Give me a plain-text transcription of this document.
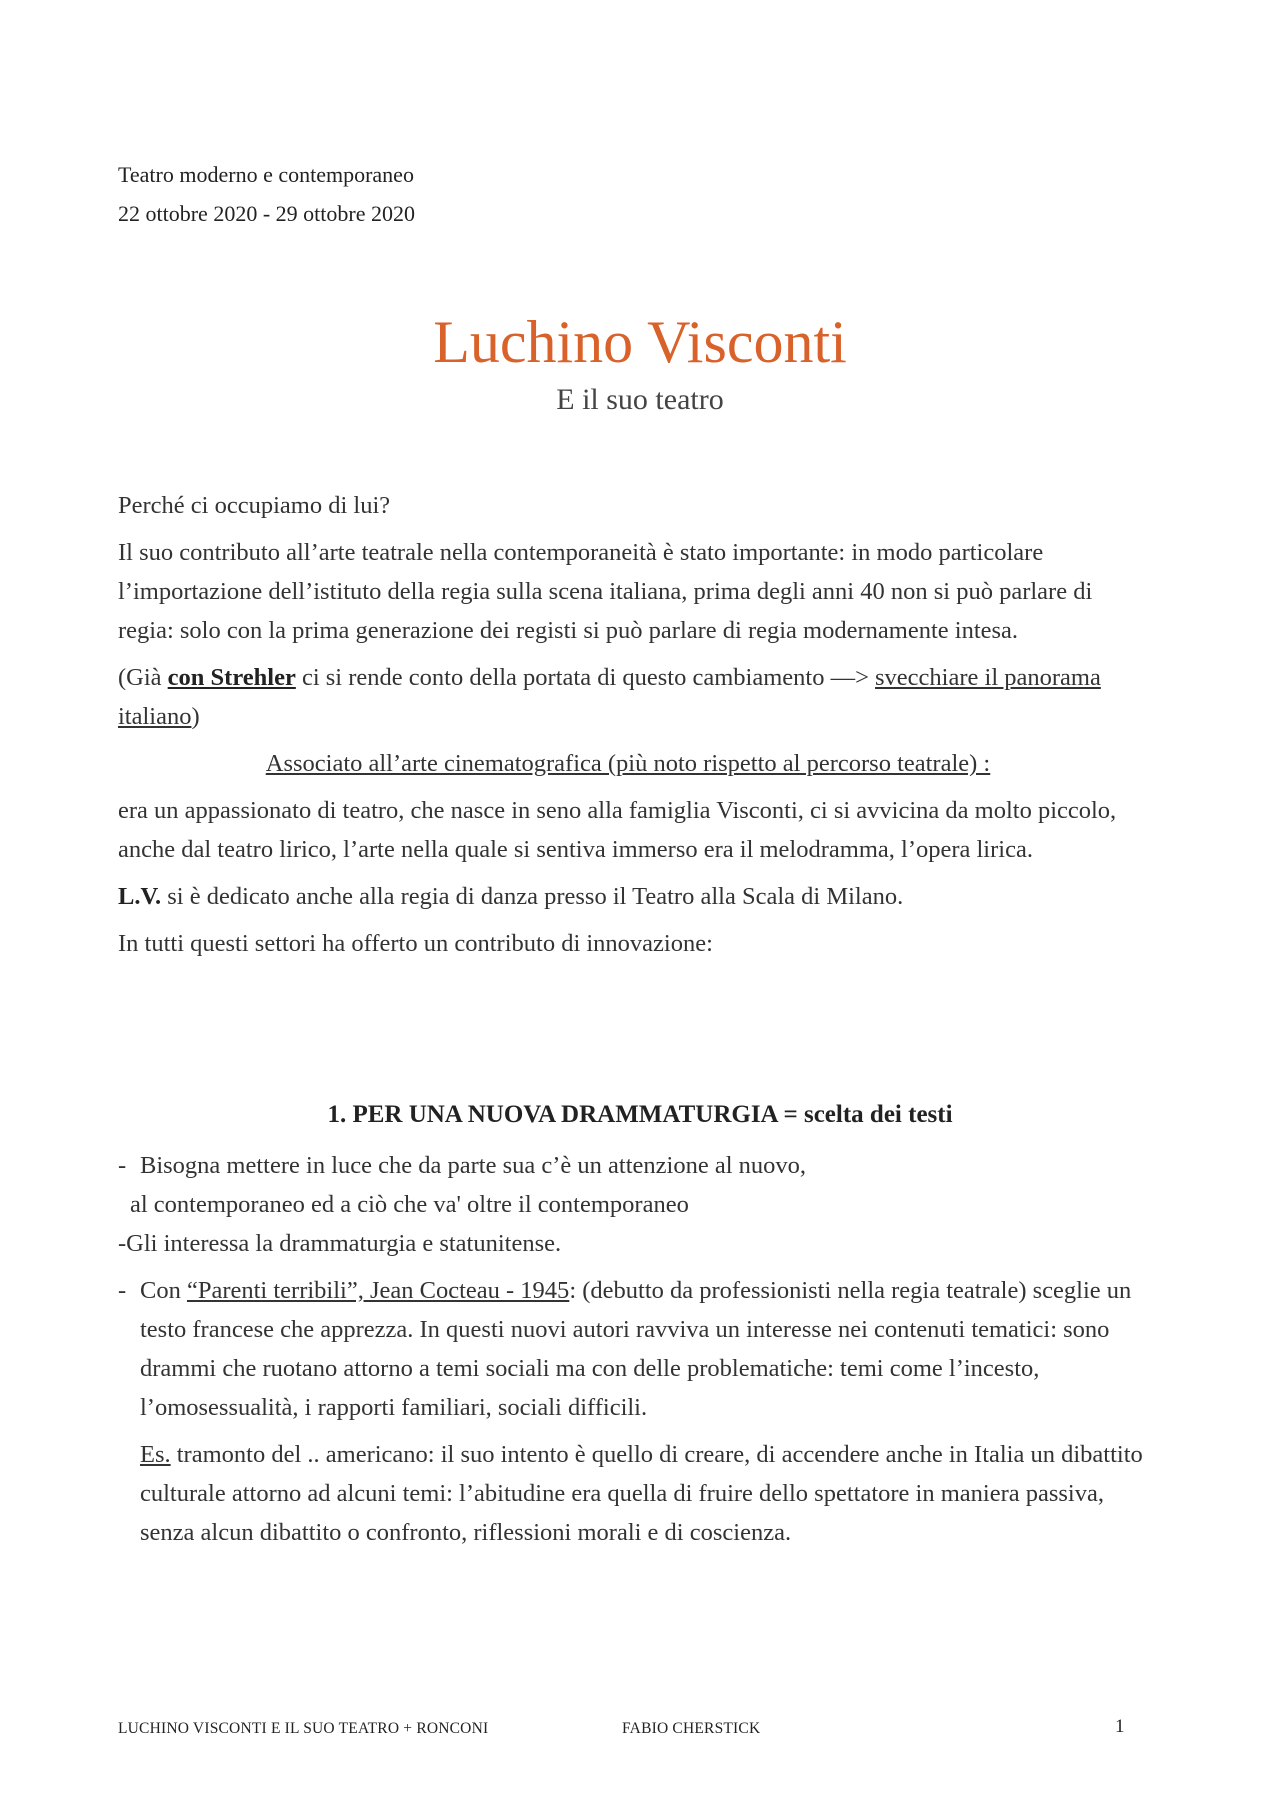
Teatro moderno e contemporaneo
22 ottobre 2020 - 29 ottobre 2020
Luchino Visconti
E il suo teatro

Perché ci occupiamo di lui?

Il suo contributo all’arte teatrale nella contemporaneità è stato importante: in modo particolare l’importazione dell’istituto della regia sulla scena italiana, prima degli anni 40 non si può parlare di regia: solo con la prima generazione dei registi si può parlare di regia modernamente intesa.

(Già con Strehler ci si rende conto della portata di questo cambiamento —> svecchiare il panorama italiano)

Associato all’arte cinematografica (più noto rispetto al percorso teatrale) :

era un appassionato di teatro, che nasce in seno alla famiglia Visconti, ci si avvicina da molto piccolo, anche dal teatro lirico, l’arte nella quale si sentiva immerso era il melodramma, l’opera lirica.

L.V. si è dedicato anche alla regia di danza presso il Teatro alla Scala di Milano.

In tutti questi settori ha offerto un contributo di innovazione:

1. PER UNA NUOVA DRAMMATURGIA = scelta dei testi
- Bisogna mettere in luce che da parte sua c’è un attenzione al nuovo,
al contemporaneo ed a ciò che va' oltre il contemporaneo
-Gli interessa la drammaturgia e statunitense.
- Con “Parenti terribili”, Jean Cocteau - 1945: (debutto da professionisti nella regia teatrale) sceglie un testo francese che apprezza. In questi nuovi autori ravviva un interesse nei contenuti tematici: sono drammi che ruotano attorno a temi sociali ma con delle problematiche: temi come l’incesto, l’omosessualità, i rapporti familiari, sociali difficili.
Es. tramonto del .. americano: il suo intento è quello di creare, di accendere anche in Italia un dibattito culturale attorno ad alcuni temi: l’abitudine era quella di fruire dello spettatore in maniera passiva, senza alcun dibattito o confronto, riflessioni morali e di coscienza.
LUCHINO VISCONTI E IL SUO TEATRO + RONCONI	FABIO CHERSTICK	1
